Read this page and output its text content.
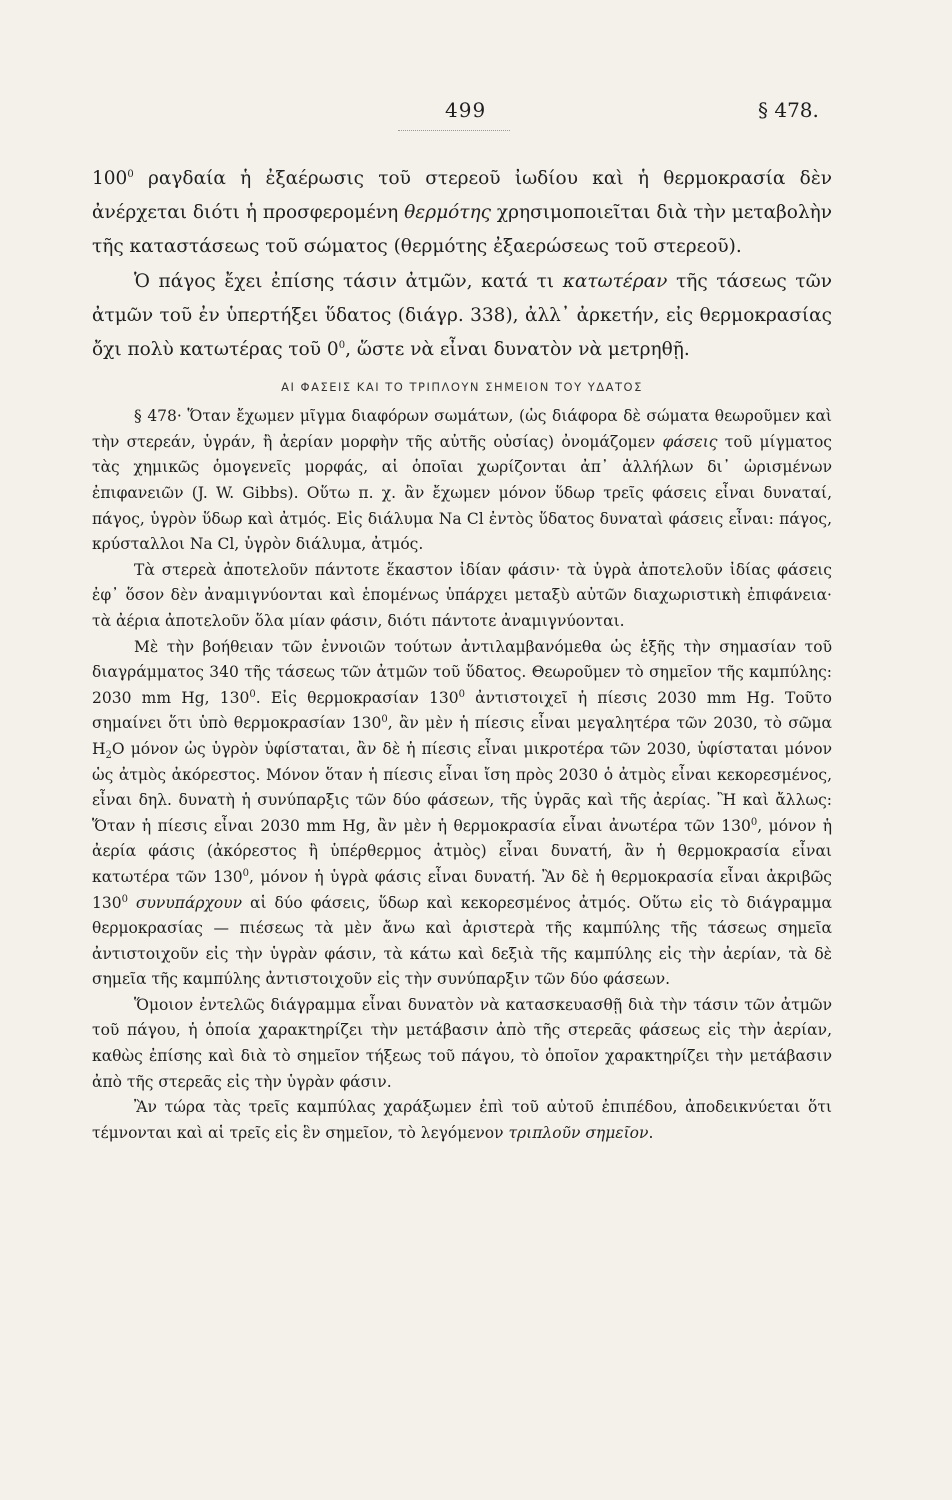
499	§ 478.

$100^0$ ραγδαία ἡ ἐξαέρωσις τοῦ στερεοῦ ἰωδίου καὶ ἡ θερμοκρασία δὲν ἀνέρχεται διότι ἡ προσφερομένη θερμότης χρησιμοποιεῖται διὰ τὴν μεταβολὴν τῆς καταστάσεως τοῦ σώματος (θερμότης ἐξαερώσεως τοῦ στερεοῦ).

Ὁ πάγος ἔχει ἐπίσης τάσιν ἀτμῶν, κατά τι κατωτέραν τῆς τάσεως τῶν ἀτμῶν τοῦ ἐν ὑπερτήξει ὕδατος (διάγρ. 338), ἀλλ᾽ ἀρκετήν, εἰς θερμοκρασίας ὄχι πολὺ κατωτέρας τοῦ $0^0$, ὥστε νὰ εἶναι δυνατὸν νὰ μετρηθῇ.

ΑΙ ΦΑΣΕΙΣ ΚΑΙ ΤΟ ΤΡΙΠΛΟΥΝ ΣΗΜΕΙΟΝ ΤΟΥ ΥΔΑΤΟΣ

§ 478· Ὅταν ἔχωμεν μῖγμα διαφόρων σωμάτων, (ὡς διάφορα δὲ σώματα θεωροῦμεν καὶ τὴν στερεάν, ὑγράν, ἢ ἀερίαν μορφὴν τῆς αὐτῆς οὐσίας) ὀνομάζομεν φάσεις τοῦ μίγματος τὰς χημικῶς ὁμογενεῖς μορφάς, αἱ ὁποῖαι χωρίζονται ἀπ᾽ ἀλλήλων δι᾽ ὡρισμένων ἐπιφανειῶν (J. W. Gibbs). Οὕτω π. χ. ἂν ἔχωμεν μόνον ὕδωρ τρεῖς φάσεις εἶναι δυναταί, πάγος, ὑγρὸν ὕδωρ καὶ ἀτμός. Εἰς διάλυμα Na Cl ἐντὸς ὕδατος δυναταὶ φάσεις εἶναι: πάγος, κρύσταλλοι Na Cl, ὑγρὸν διάλυμα, ἀτμός.

Τὰ στερεὰ ἀποτελοῦν πάντοτε ἕκαστον ἰδίαν φάσιν· τὰ ὑγρὰ ἀποτελοῦν ἰδίας φάσεις ἐφ᾽ ὅσον δὲν ἀναμιγνύονται καὶ ἑπομένως ὑπάρχει μεταξὺ αὐτῶν διαχωριστικὴ ἐπιφάνεια· τὰ ἀέρια ἀποτελοῦν ὅλα μίαν φάσιν, διότι πάντοτε ἀναμιγνύονται.

Μὲ τὴν βοήθειαν τῶν ἐννοιῶν τούτων ἀντιλαμβανόμεθα ὡς ἑξῆς τὴν σημασίαν τοῦ διαγράμματος 340 τῆς τάσεως τῶν ἀτμῶν τοῦ ὕδατος. Θεωροῦμεν τὸ σημεῖον τῆς καμπύλης: 2030 mm Hg, $130^0$. Εἰς θερμοκρασίαν $130^0$ ἀντιστοιχεῖ ἡ πίεσις 2030 mm Hg. Τοῦτο σημαίνει ὅτι ὑπὸ θερμοκρασίαν $130^0$, ἂν μὲν ἡ πίεσις εἶναι μεγαλητέρα τῶν 2030, τὸ σῶμα $H_2O$ μόνον ὡς ὑγρὸν ὑφίσταται, ἂν δὲ ἡ πίεσις εἶναι μικροτέρα τῶν 2030, ὑφίσταται μόνον ὡς ἀτμὸς ἀκόρεστος. Μόνον ὅταν ἡ πίεσις εἶναι ἴση πρὸς 2030 ὁ ἀτμὸς εἶναι κεκορεσμένος, εἶναι δηλ. δυνατὴ ἡ συνύπαρξις τῶν δύο φάσεων, τῆς ὑγρᾶς καὶ τῆς ἀερίας. Ἢ καὶ ἄλλως: Ὅταν ἡ πίεσις εἶναι 2030 mm Hg, ἂν μὲν ἡ θερμοκρασία εἶναι ἀνωτέρα τῶν $130^0$, μόνον ἡ ἀερία φάσις (ἀκόρεστος ἢ ὑπέρθερμος ἀτμὸς) εἶναι δυνατή, ἂν ἡ θερμοκρασία εἶναι κατωτέρα τῶν $130^0$, μόνον ἡ ὑγρὰ φάσις εἶναι δυνατή. Ἂν δὲ ἡ θερμοκρασία εἶναι ἀκριβῶς $130^0$ συνυπάρχουν αἱ δύο φάσεις, ὕδωρ καὶ κεκορεσμένος ἀτμός. Οὕτω εἰς τὸ διάγραμμα θερμοκρασίας — πιέσεως τὰ μὲν ἄνω καὶ ἀριστερὰ τῆς καμπύλης τῆς τάσεως σημεῖα ἀντιστοιχοῦν εἰς τὴν ὑγρὰν φάσιν, τὰ κάτω καὶ δεξιὰ τῆς καμπύλης εἰς τὴν ἀερίαν, τὰ δὲ σημεῖα τῆς καμπύλης ἀντιστοιχοῦν εἰς τὴν συνύπαρξιν τῶν δύο φάσεων.

Ὅμοιον ἐντελῶς διάγραμμα εἶναι δυνατὸν νὰ κατασκευασθῇ διὰ τὴν τάσιν τῶν ἀτμῶν τοῦ πάγου, ἡ ὁποία χαρακτηρίζει τὴν μετάβασιν ἀπὸ τῆς στερεᾶς φάσεως εἰς τὴν ἀερίαν, καθὼς ἐπίσης καὶ διὰ τὸ σημεῖον τήξεως τοῦ πάγου, τὸ ὁποῖον χαρακτηρίζει τὴν μετάβασιν ἀπὸ τῆς στερεᾶς εἰς τὴν ὑγρὰν φάσιν.

Ἂν τώρα τὰς τρεῖς καμπύλας χαράξωμεν ἐπὶ τοῦ αὐτοῦ ἐπιπέδου, ἀποδεικνύεται ὅτι τέμνονται καὶ αἱ τρεῖς εἰς ἓν σημεῖον, τὸ λεγόμενον τριπλοῦν σημεῖον.
